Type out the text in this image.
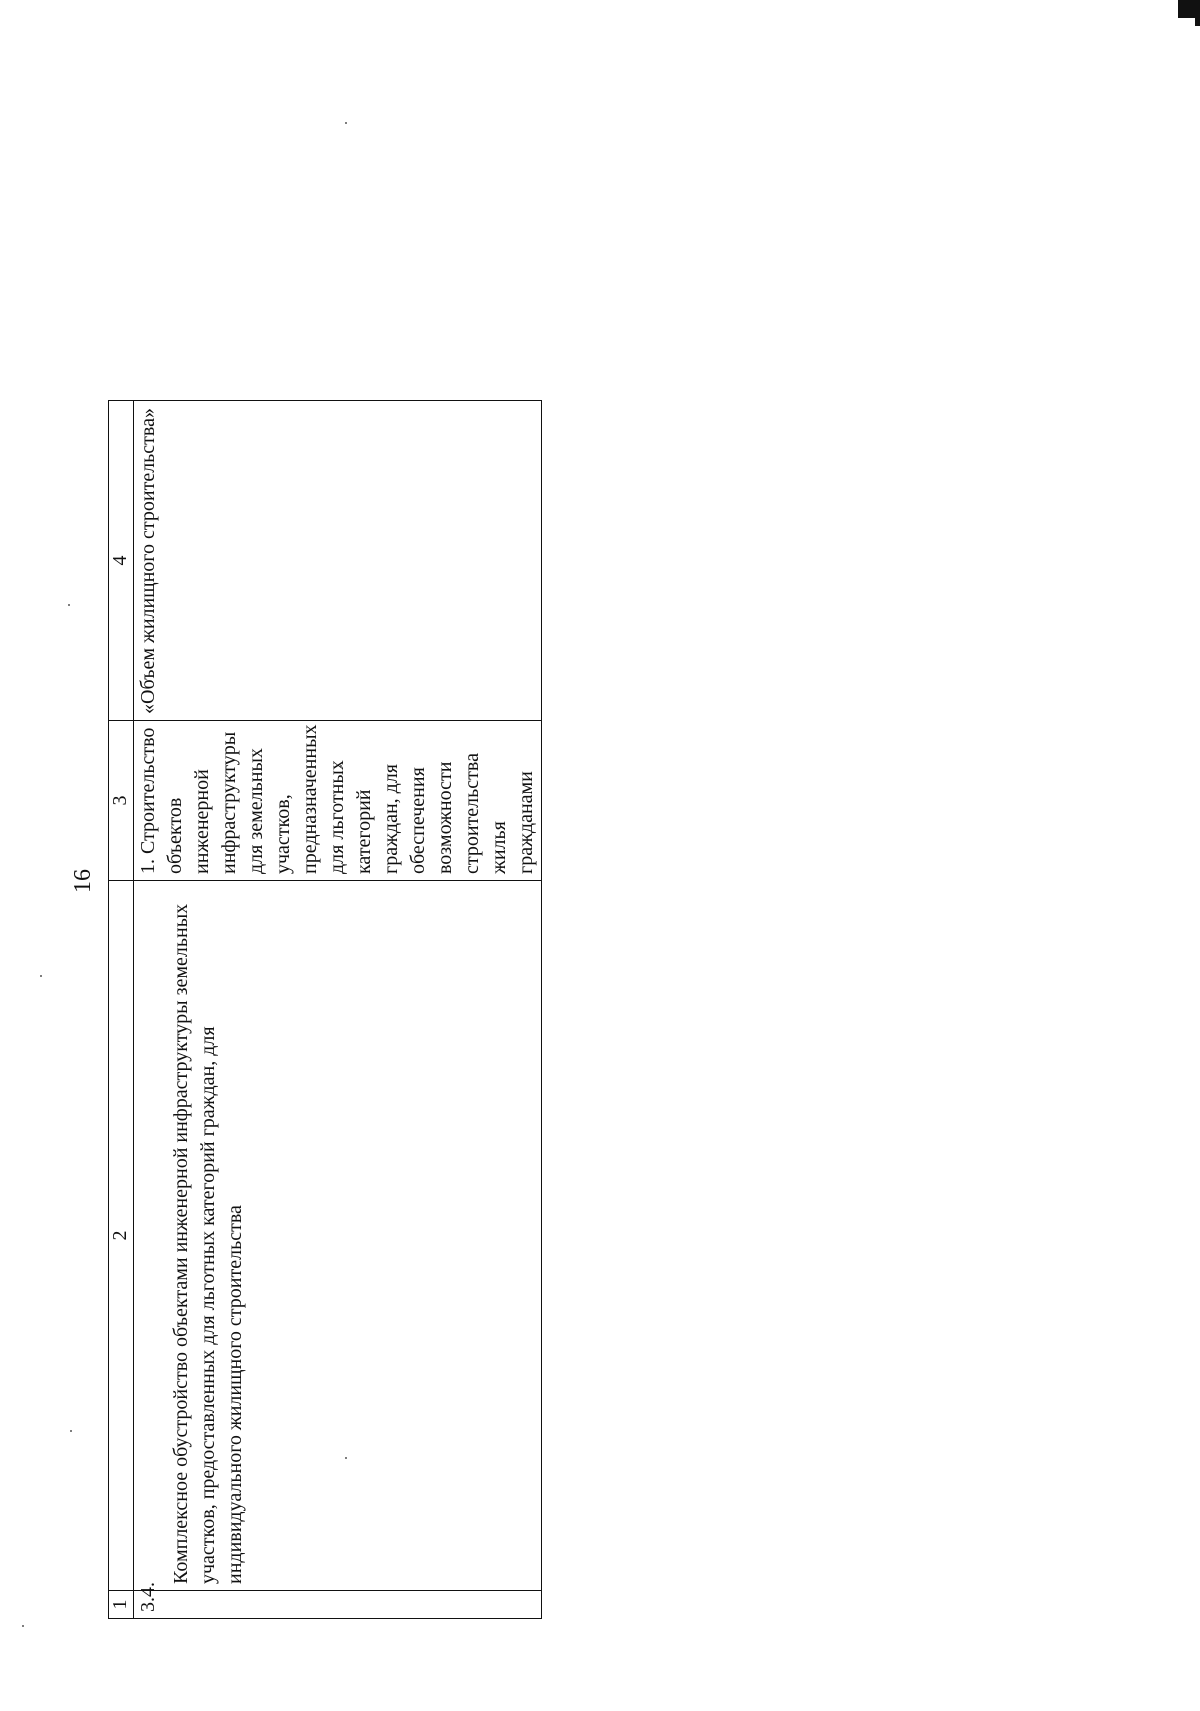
16
1	2	3	4
3.4.	Комплексное обустройство объектами инженерной инфраструктуры земельных участков, предоставленных для льготных категорий граждан, для индивидуального жилищного строительства	1. Строительство объектов инженерной инфраструктуры для земельных участков, предназначенных для льготных категорий граждан, для обеспечения возможности строительства жилья гражданами	«Объем жилищного строительства»
